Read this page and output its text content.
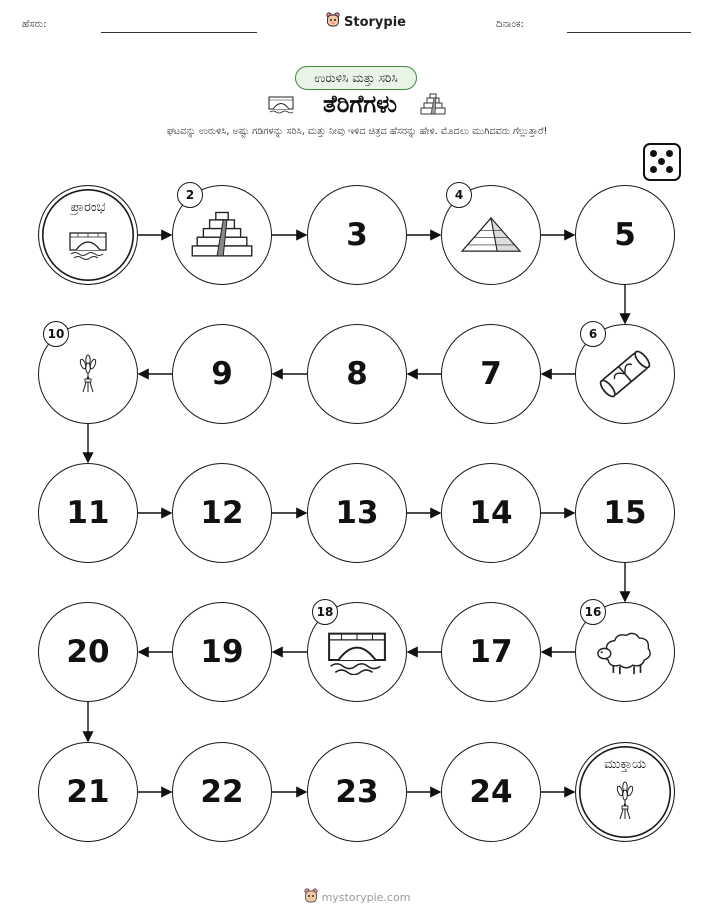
ಹೆಸರು:	Storypie	ದಿನಾಂಕ:
ಉರುಳಿಸಿ ಮತ್ತು ಸರಿಸಿ
ತೆರಿಗೆಗಳು
ಘಟವನ್ನು ಉರುಳಿಸಿ, ಅಷ್ಟು ಗಡಿಗಳನ್ನು ಸರಿಸಿ, ಮತ್ತು ನೀವು ಇಳಿದ ಚಿತ್ರದ ಹೆಸರನ್ನು ಹೇಳಿ. ಮೊದಲು ಮುಗಿದವರು ಗೆಲ್ಲುತ್ತಾರೆ!
ಪ್ರಾರಂಭ
2
3
4
5
6
7
8
9
10
11	12	13	14	15
16
17
18
19
20
21	22	23	24
ಮುಕ್ತಾಯ
mystorypie.com
